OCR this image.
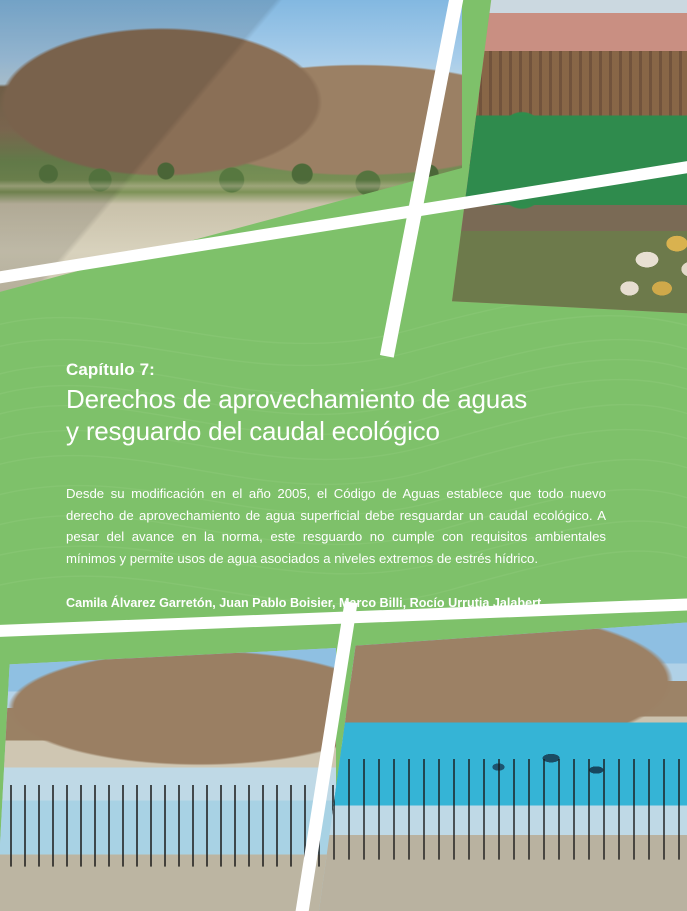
Capítulo 7:

Derechos de aprovechamiento de aguas
y resguardo del caudal ecológico

Desde su modificación en el año 2005, el Código de Aguas establece que todo nuevo derecho de aprovechamiento de agua superficial debe resguardar un caudal ecológico. A pesar del avance en la norma, este resguardo no cumple con requisitos ambientales mínimos y permite usos de agua asociados a niveles extremos de estrés hídrico.

Camila Álvarez Garretón, Juan Pablo Boisier, Marco Billi, Rocío Urrutia Jalabert
